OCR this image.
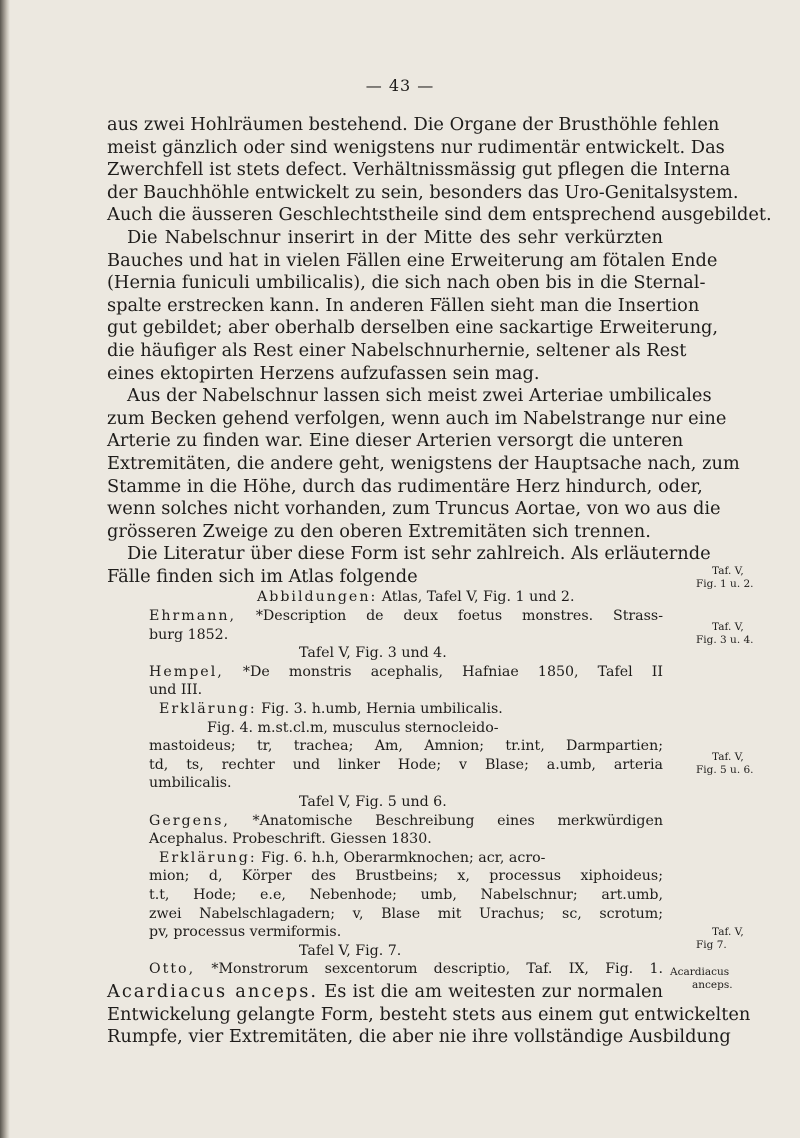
— 43 —
aus zwei Hohlräumen bestehend. Die Organe der Brusthöhle fehlen
meist gänzlich oder sind wenigstens nur rudimentär entwickelt. Das
Zwerchfell ist stets defect. Verhältnissmässig gut pflegen die Interna
der Bauchhöhle entwickelt zu sein, besonders das Uro-Genitalsystem.
Auch die äusseren Geschlechtstheile sind dem entsprechend ausgebildet.
Die Nabelschnur inserirt in der Mitte des sehr verkürzten
Bauches und hat in vielen Fällen eine Erweiterung am fötalen Ende
(Hernia funiculi umbilicalis), die sich nach oben bis in die Sternal-
spalte erstrecken kann. In anderen Fällen sieht man die Insertion
gut gebildet; aber oberhalb derselben eine sackartige Erweiterung,
die häufiger als Rest einer Nabelschnurhernie, seltener als Rest
eines ektopirten Herzens aufzufassen sein mag.
Aus der Nabelschnur lassen sich meist zwei Arteriae umbilicales
zum Becken gehend verfolgen, wenn auch im Nabelstrange nur eine
Arterie zu finden war. Eine dieser Arterien versorgt die unteren
Extremitäten, die andere geht, wenigstens der Hauptsache nach, zum
Stamme in die Höhe, durch das rudimentäre Herz hindurch, oder,
wenn solches nicht vorhanden, zum Truncus Aortae, von wo aus die
grösseren Zweige zu den oberen Extremitäten sich trennen.
Die Literatur über diese Form ist sehr zahlreich. Als erläuternde
Fälle finden sich im Atlas folgende
Abbildungen: Atlas, Tafel V, Fig. 1 und 2.
Ehrmann, *Description de deux foetus monstres. Strass-
burg 1852.
Tafel V, Fig. 3 und 4.
Hempel, *De monstris acephalis, Hafniae 1850, Tafel II
und III.
Erklärung: Fig. 3. h.umb, Hernia umbilicalis.
Fig. 4. m.st.cl.m, musculus sternocleido-
mastoideus; tr, trachea; Am, Amnion; tr.int, Darmpartien;
td, ts, rechter und linker Hode; v Blase; a.umb, arteria
umbilicalis.
Tafel V, Fig. 5 und 6.
Gergens, *Anatomische Beschreibung eines merkwürdigen
Acephalus. Probeschrift. Giessen 1830.
Erklärung: Fig. 6. h.h, Oberarmknochen; acr, acro-
mion; d, Körper des Brustbeins; x, processus xiphoideus;
t.t, Hode; e.e, Nebenhode; umb, Nabelschnur; art.umb,
zwei Nabelschlagadern; v, Blase mit Urachus; sc, scrotum;
pv, processus vermiformis.
Tafel V, Fig. 7.
Otto, *Monstrorum sexcentorum descriptio, Taf. IX, Fig. 1.
Acardiacus anceps. Es ist die am weitesten zur normalen
Entwickelung gelangte Form, besteht stets aus einem gut entwickelten
Rumpfe, vier Extremitäten, die aber nie ihre vollständige Ausbildung
Taf. V,
Fig. 1 u. 2.
Taf. V,
Fig. 3 u. 4.
Taf. V,
Fig. 5 u. 6.
Taf. V,
Fig 7.
Acardiacus
anceps.
